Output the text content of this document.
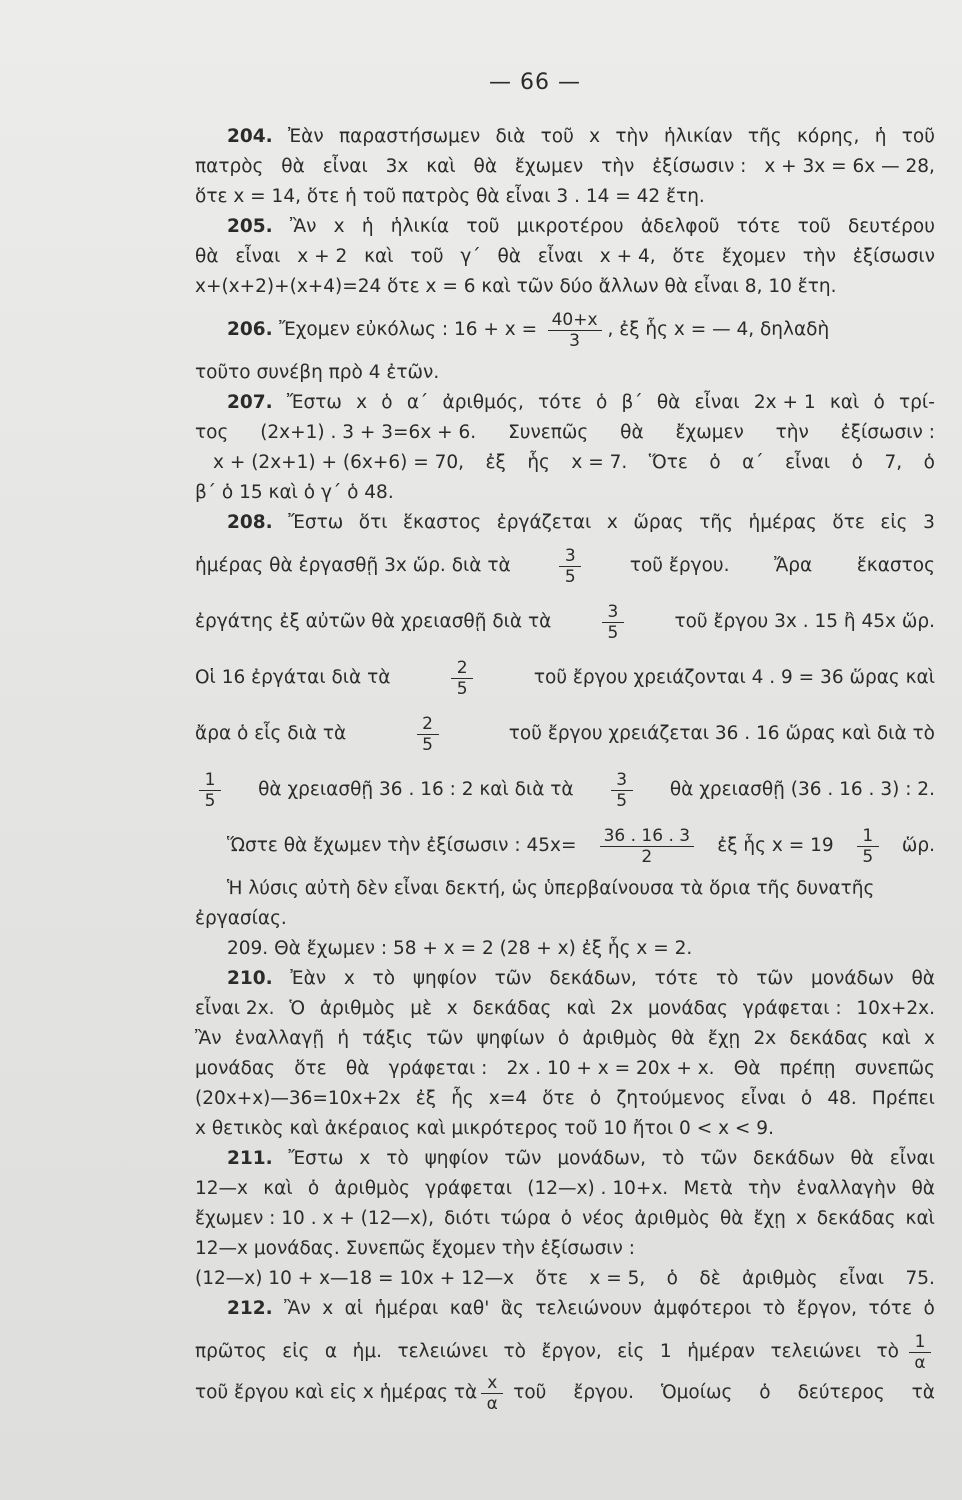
— 66 —
204. Ἐὰν παραστήσωμεν διὰ τοῦ x τὴν ἡλικίαν τῆς κόρης, ἡ τοῦ
πατρὸς θὰ εἶναι 3x καὶ θὰ ἔχωμεν τὴν ἐξίσωσιν : x + 3x = 6x — 28,
ὅτε x = 14, ὅτε ἡ τοῦ πατρὸς θὰ εἶναι 3 . 14 = 42 ἔτη.
205. Ἂν x ἡ ἡλικία τοῦ μικροτέρου ἀδελφοῦ τότε τοῦ δευτέρου
θὰ εἶναι x + 2 καὶ τοῦ γ΄ θὰ εἶναι x + 4, ὅτε ἔχομεν τὴν ἐξίσωσιν
x+(x+2)+(x+4)=24 ὅτε x = 6 καὶ τῶν δύο ἄλλων θὰ εἶναι 8, 10 ἔτη.
206. Ἔχομεν εὐκόλως : $16 + x = \frac{40+x}{3}$ , ἐξ ἧς x = — 4, δηλαδὴ
τοῦτο συνέβη πρὸ 4 ἐτῶν.
207. Ἔστω x ὁ α΄ ἀριθμός, τότε ὁ β΄ θὰ εἶναι 2x + 1 καὶ ὁ τρί-
τος (2x+1) . 3 + 3=6x + 6. Συνεπῶς θὰ ἔχωμεν τὴν ἐξίσωσιν :
x + (2x+1) + (6x+6) = 70, ἐξ ἧς x = 7. Ὅτε ὁ α΄ εἶναι ὁ 7, ὁ
β΄ ὁ 15 καὶ ὁ γ΄ ὁ 48.
208. Ἔστω ὅτι ἕκαστος ἐργάζεται x ὥρας τῆς ἡμέρας ὅτε εἰς 3
ἡμέρας θὰ ἐργασθῇ 3x ὥρ. διὰ τὰ	$\frac{3}{5}$	τοῦ ἔργου. Ἄρα ἕκαστος
ἐργάτης ἐξ αὐτῶν θὰ χρειασθῇ διὰ τὰ	$\frac{3}{5}$	τοῦ ἔργου 3x . 15 ἢ 45x ὥρ.
Οἱ 16 ἐργάται διὰ τὰ	$\frac{2}{5}$	τοῦ ἔργου χρειάζονται 4 . 9 = 36 ὥρας καὶ
ἄρα ὁ εἷς διὰ τὰ	$\frac{2}{5}$	τοῦ ἔργου χρειάζεται 36 . 16 ὥρας καὶ διὰ τὸ
$\frac{1}{5}$ θὰ χρειασθῇ 36 . 16 : 2 καὶ διὰ τὰ $\frac{3}{5}$ θὰ χρειασθῇ (36 . 16 . 3) : 2.
Ὥστε θὰ ἔχωμεν τὴν ἐξίσωσιν : $45x= \frac{36 . 16 . 3}{2}$ ἐξ ἧς $x = 19 \frac{1}{5}$ ὥρ.
Ἡ λύσις αὐτὴ δὲν εἶναι δεκτή, ὡς ὑπερβαίνουσα τὰ ὅρια τῆς δυνατῆς
ἐργασίας.
209. Θὰ ἔχωμεν : 58 + x = 2 (28 + x) ἐξ ἧς x = 2.
210. Ἐὰν x τὸ ψηφίον τῶν δεκάδων, τότε τὸ τῶν μονάδων θὰ
εἶναι 2x. Ὁ ἀριθμὸς μὲ x δεκάδας καὶ 2x μονάδας γράφεται : 10x+2x.
Ἂν ἐναλλαγῇ ἡ τάξις τῶν ψηφίων ὁ ἀριθμὸς θὰ ἔχῃ 2x δεκάδας καὶ x
μονάδας ὅτε θὰ γράφεται : 2x . 10 + x = 20x + x. Θὰ πρέπῃ συνεπῶς
(20x+x)—36=10x+2x ἐξ ἧς x=4 ὅτε ὁ ζητούμενος εἶναι ὁ 48. Πρέπει
x θετικὸς καὶ ἀκέραιος καὶ μικρότερος τοῦ 10 ἤτοι 0 < x < 9.
211. Ἔστω x τὸ ψηφίον τῶν μονάδων, τὸ τῶν δεκάδων θὰ εἶναι
12—x καὶ ὁ ἀριθμὸς γράφεται (12—x) . 10+x. Μετὰ τὴν ἐναλλαγὴν θὰ
ἔχωμεν : 10 . x + (12—x), διότι τώρα ὁ νέος ἀριθμὸς θὰ ἔχῃ x δεκάδας καὶ
12—x μονάδας. Συνεπῶς ἔχομεν τὴν ἐξίσωσιν :
(12—x) 10 + x—18 = 10x + 12—x ὅτε x = 5, ὁ δὲ ἀριθμὸς εἶναι 75.
212. Ἂν x αἱ ἡμέραι καθ' ἃς τελειώνουν ἀμφότεροι τὸ ἔργον, τότε ὁ
πρῶτος εἰς α ἡμ. τελειώνει τὸ ἔργον, εἰς 1 ἡμέραν τελειώνει τὸ $\frac{1}{\alpha}$
τοῦ ἔργου καὶ εἰς x ἡμέρας τὰ $\frac{x}{\alpha}$ τοῦ ἔργου. Ὁμοίως ὁ δεύτερος τὰ
